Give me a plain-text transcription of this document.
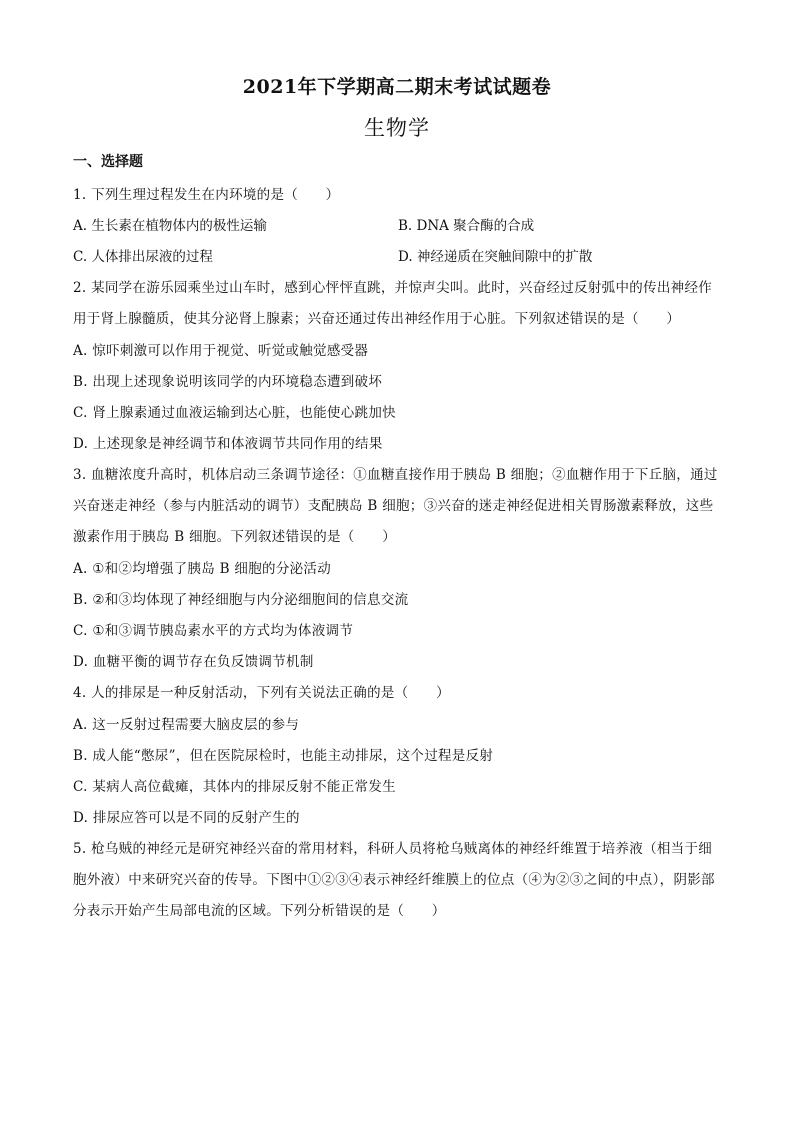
2021年下学期高二期末考试试题卷
生物学
一、选择题
1. 下列生理过程发生在内环境的是（　　）
A. 生长素在植物体内的极性运输	B. DNA 聚合酶的合成
C. 人体排出尿液的过程	D. 神经递质在突触间隙中的扩散
2. 某同学在游乐园乘坐过山车时，感到心怦怦直跳，并惊声尖叫。此时，兴奋经过反射弧中的传出神经作
用于肾上腺髓质，使其分泌肾上腺素；兴奋还通过传出神经作用于心脏。下列叙述错误的是（　　）
A. 惊吓刺激可以作用于视觉、听觉或触觉感受器
B. 出现上述现象说明该同学的内环境稳态遭到破坏
C. 肾上腺素通过血液运输到达心脏，也能使心跳加快
D. 上述现象是神经调节和体液调节共同作用的结果
3. 血糖浓度升高时，机体启动三条调节途径：①血糖直接作用于胰岛 B 细胞；②血糖作用于下丘脑，通过
兴奋迷走神经（参与内脏活动的调节）支配胰岛 B 细胞；③兴奋的迷走神经促进相关胃肠激素释放，这些
激素作用于胰岛 B 细胞。下列叙述错误的是（　　）
A. ①和②均增强了胰岛 B 细胞的分泌活动
B. ②和③均体现了神经细胞与内分泌细胞间的信息交流
C. ①和③调节胰岛素水平的方式均为体液调节
D. 血糖平衡的调节存在负反馈调节机制
4. 人的排尿是一种反射活动，下列有关说法正确的是（　　）
A. 这一反射过程需要大脑皮层的参与
B. 成人能“憋尿”，但在医院尿检时，也能主动排尿，这个过程是反射
C. 某病人高位截瘫，其体内的排尿反射不能正常发生
D. 排尿应答可以是不同的反射产生的
5. 枪乌贼的神经元是研究神经兴奋的常用材料，科研人员将枪乌贼离体的神经纤维置于培养液（相当于细
胞外液）中来研究兴奋的传导。下图中①②③④表示神经纤维膜上的位点（④为②③之间的中点），阴影部
分表示开始产生局部电流的区域。下列分析错误的是（　　）
